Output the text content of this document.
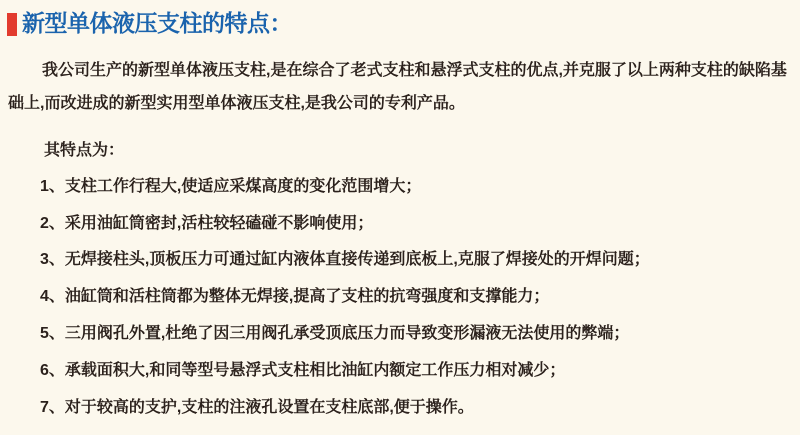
新型单体液压支柱的特点：
我公司生产的新型单体液压支柱,是在综合了老式支柱和悬浮式支柱的优点,并克服了以上两种支柱的缺陷基
础上,而改进成的新型实用型单体液压支柱,是我公司的专利产品。
其特点为：
1、支柱工作行程大,使适应采煤高度的变化范围增大；
2、采用油缸筒密封,活柱较轻磕碰不影响使用；
3、无焊接柱头,顶板压力可通过缸内液体直接传递到底板上,克服了焊接处的开焊问题；
4、油缸筒和活柱筒都为整体无焊接,提高了支柱的抗弯强度和支撑能力；
5、三用阀孔外置,杜绝了因三用阀孔承受顶底压力而导致变形漏液无法使用的弊端；
6、承载面积大,和同等型号悬浮式支柱相比油缸内额定工作压力相对减少；
7、对于较高的支护,支柱的注液孔设置在支柱底部,便于操作。
